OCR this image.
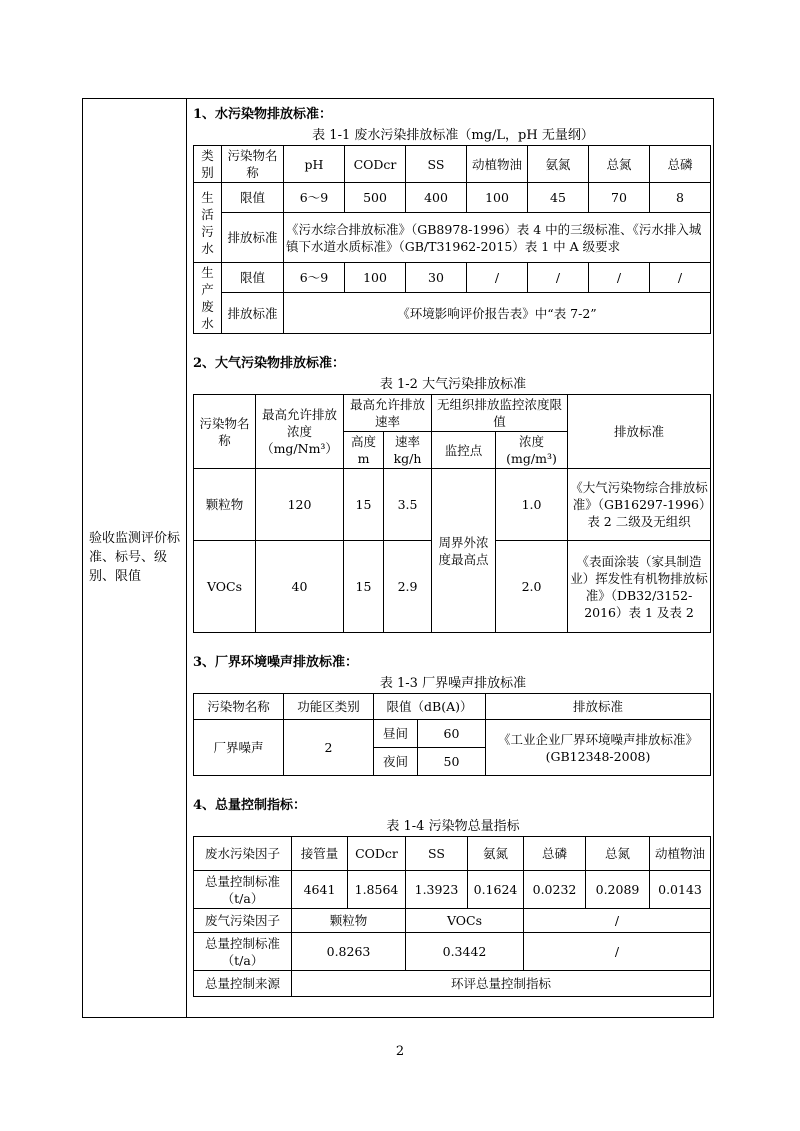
验收监测评价标准、标号、级别、限值
1、水污染物排放标准：
表 1-1 废水污染排放标准（mg/L，pH 无量纲）
类别	污染物名称	pH	CODcr	SS	动植物油	氨氮	总氮	总磷
生活污水	限值	6～9	500	400	100	45	70	8
	排放标准	《污水综合排放标准》（GB8978-1996）表 4 中的三级标准、《污水排入城镇下水道水质标准》（GB/T31962-2015）表 1 中 A 级要求						
生产废水	限值	6～9	100	30	/	/	/	/
	排放标准	《环境影响评价报告表》中“表 7-2”						
2、大气污染物排放标准：
表 1-2 大气污染排放标准
污染物名称	最高允许排放浓度（mg/Nm³）	最高允许排放速率		无组织排放监控浓度限值		排放标准
		高度m	速率kg/h	监控点	浓度(mg/m³)	
颗粒物	120	15	3.5	周界外浓度最高点	1.0	《大气污染物综合排放标准》（GB16297-1996）表 2 二级及无组织
VOCs	40	15	2.9		2.0	《表面涂装（家具制造业）挥发性有机物排放标准》（DB32/3152-2016）表 1 及表 2
3、厂界环境噪声排放标准：
表 1-3 厂界噪声排放标准
污染物名称	功能区类别	限值（dB(A)）		排放标准
厂界噪声	2	昼间	60	《工业企业厂界环境噪声排放标准》(GB12348-2008)
		夜间	50	
4、总量控制指标：
表 1-4 污染物总量指标
废水污染因子	接管量	CODcr	SS	氨氮	总磷	总氮	动植物油
总量控制标准（t/a）	4641	1.8564	1.3923	0.1624	0.0232	0.2089	0.0143
废气污染因子	颗粒物		VOCs		/		
总量控制标准（t/a）	0.8263		0.3442		/		
总量控制来源	环评总量控制指标						
2
